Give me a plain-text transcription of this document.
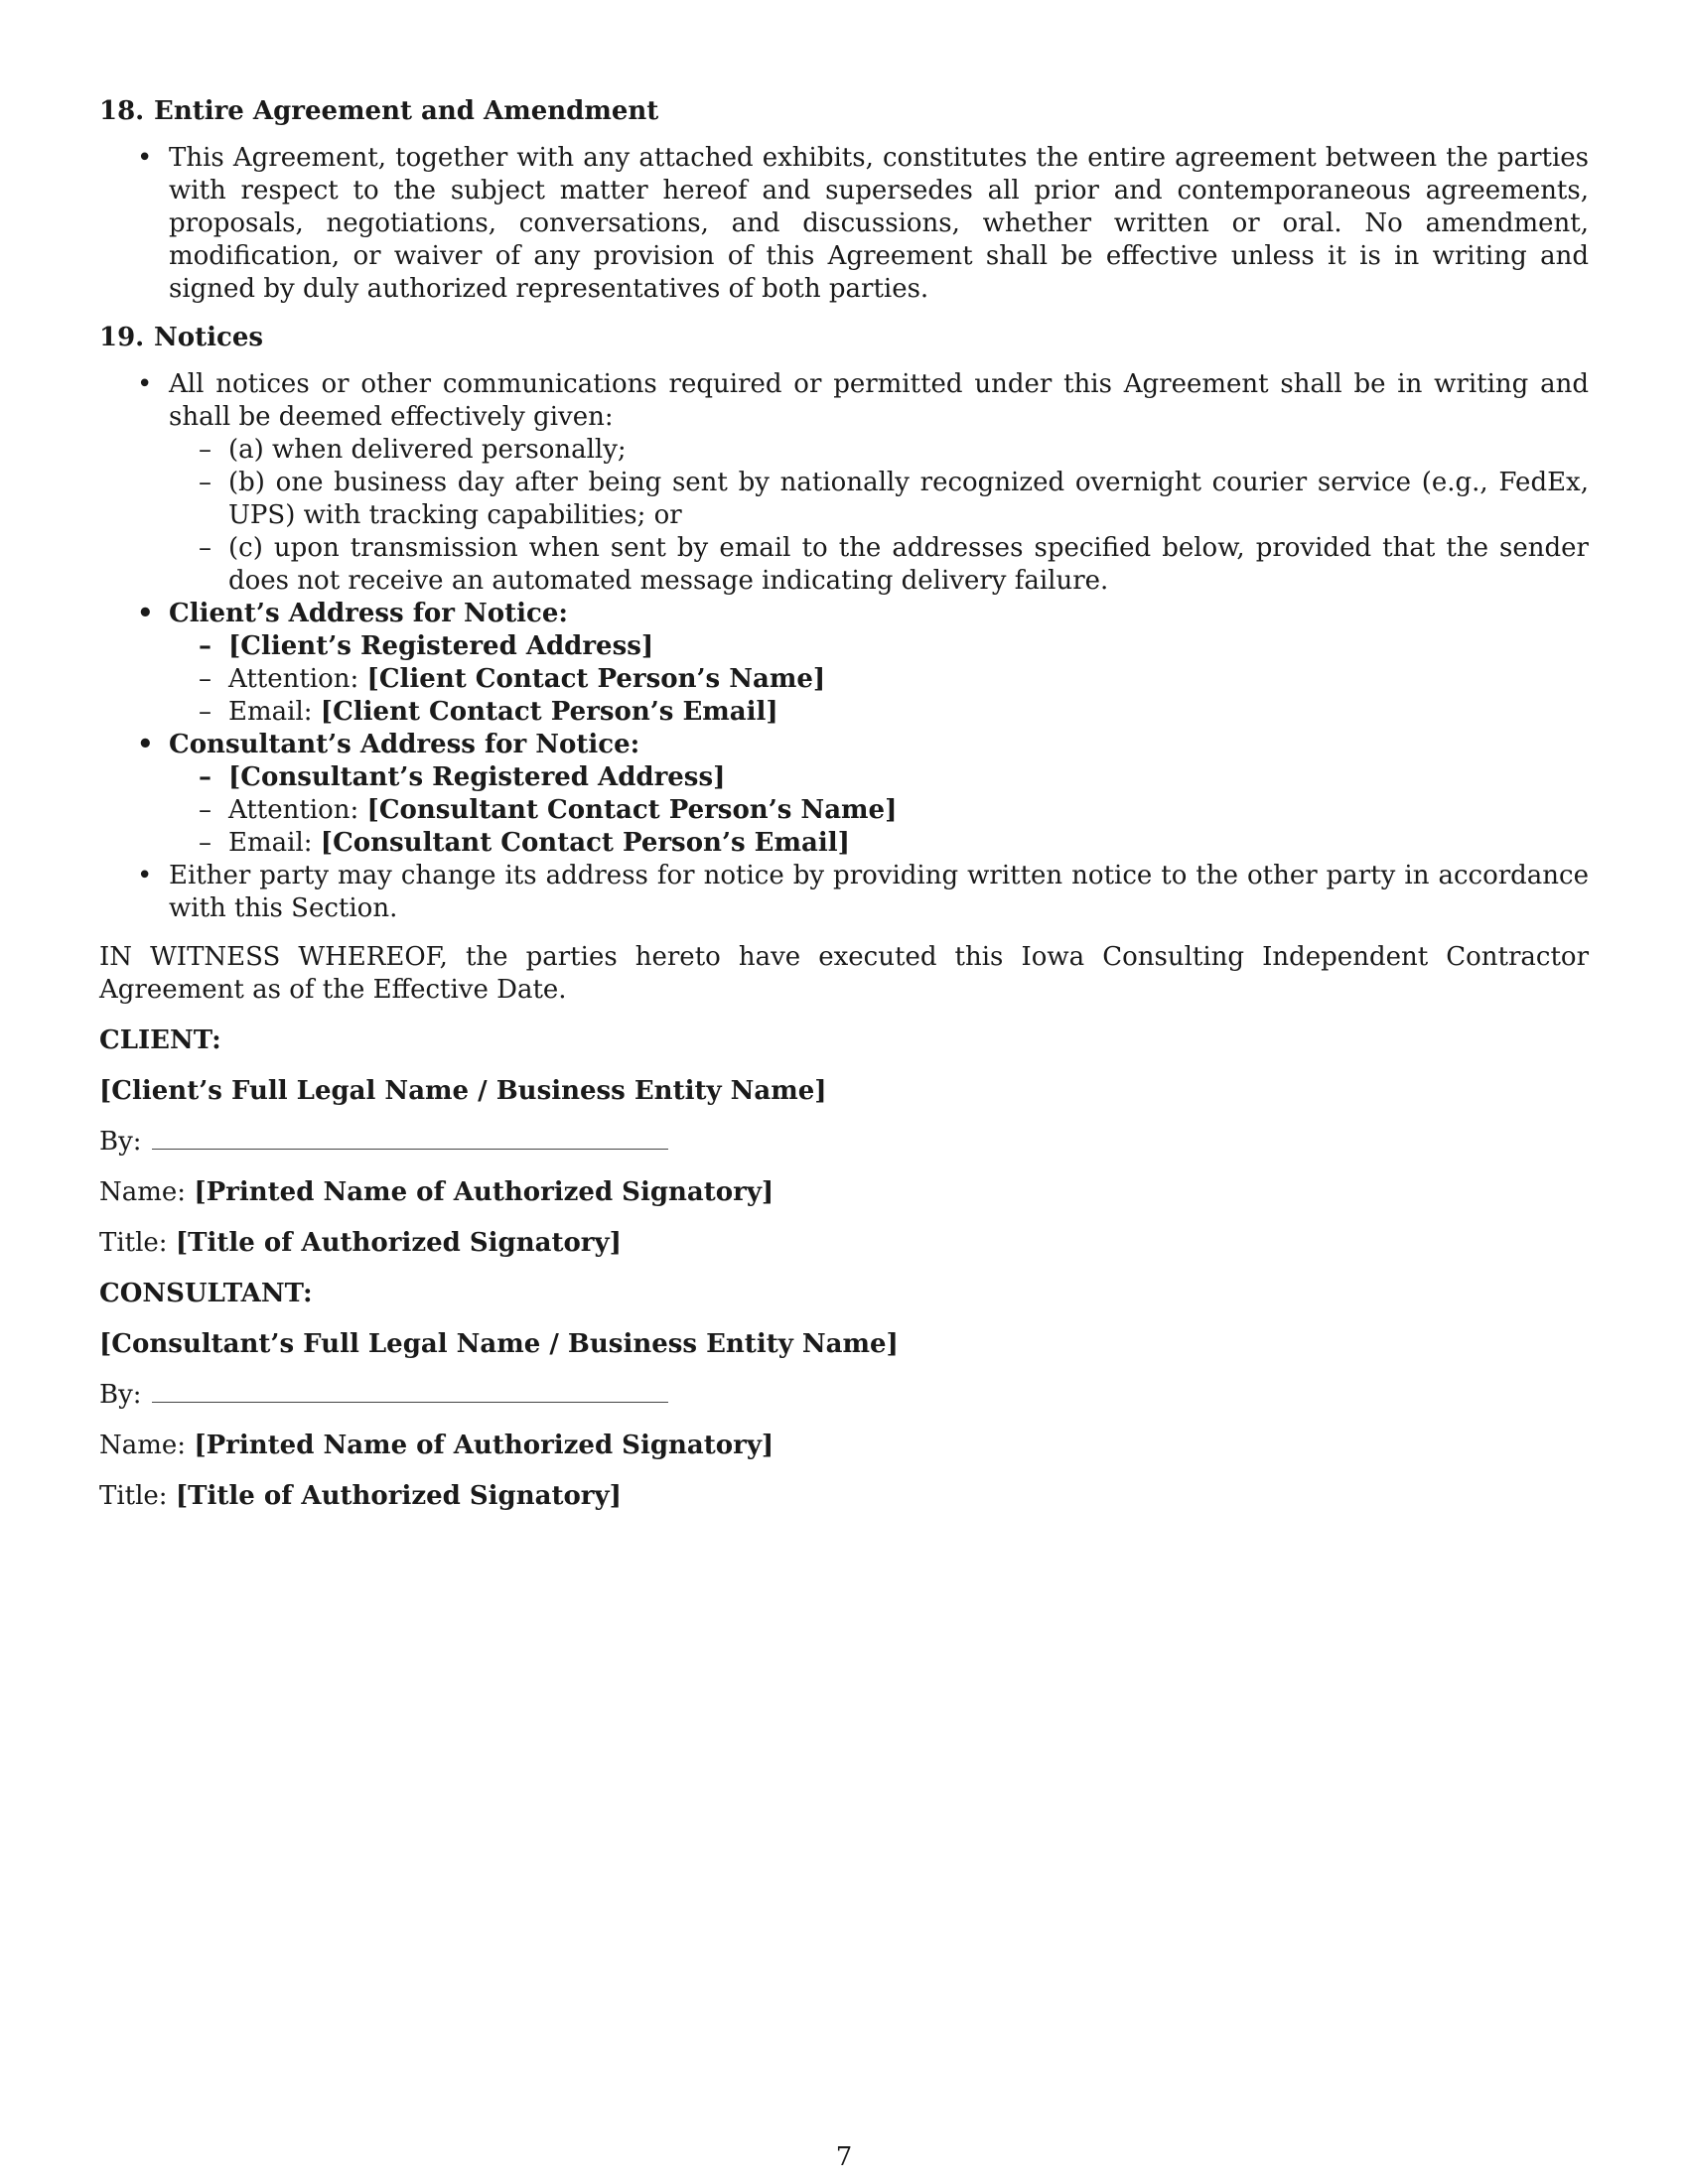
18. Entire Agreement and Amendment
• This Agreement, together with any attached exhibits, constitutes the entire agreement between the parties with respect to the subject matter hereof and supersedes all prior and contemporaneous agreements, proposals, negotiations, conversations, and discussions, whether written or oral. No amendment, modification, or waiver of any provision of this Agreement shall be effective unless it is in writing and signed by duly authorized representatives of both parties.
19. Notices
• All notices or other communications required or permitted under this Agreement shall be in writing and shall be deemed effectively given:
– (a) when delivered personally;
– (b) one business day after being sent by nationally recognized overnight courier service (e.g., FedEx, UPS) with tracking capabilities; or
– (c) upon transmission when sent by email to the addresses specified below, provided that the sender does not receive an automated message indicating delivery failure.
• Client’s Address for Notice:
– [Client’s Registered Address]
– Attention: [Client Contact Person’s Name]
– Email: [Client Contact Person’s Email]
• Consultant’s Address for Notice:
– [Consultant’s Registered Address]
– Attention: [Consultant Contact Person’s Name]
– Email: [Consultant Contact Person’s Email]
• Either party may change its address for notice by providing written notice to the other party in accordance with this Section.
IN WITNESS WHEREOF, the parties hereto have executed this Iowa Consulting Independent Contractor Agreement as of the Effective Date.
CLIENT:
[Client’s Full Legal Name / Business Entity Name]
By:
Name: [Printed Name of Authorized Signatory]
Title: [Title of Authorized Signatory]
CONSULTANT:
[Consultant’s Full Legal Name / Business Entity Name]
By:
Name: [Printed Name of Authorized Signatory]
Title: [Title of Authorized Signatory]
7
